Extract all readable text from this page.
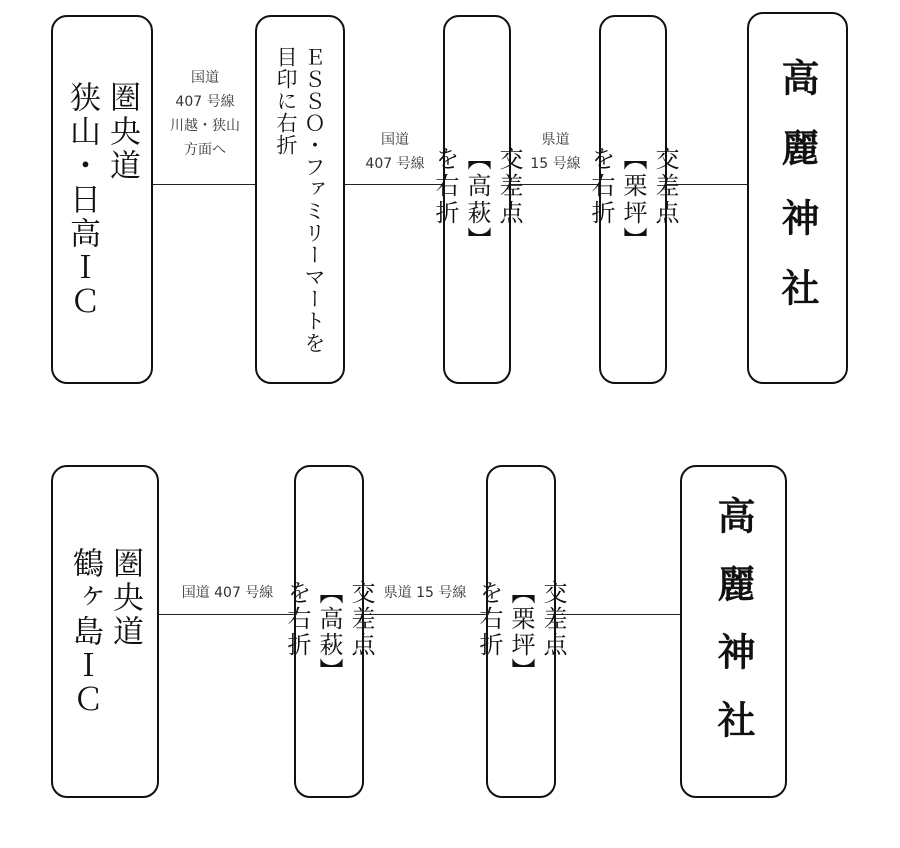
圏央道
狭山・日高ＩＣ
国道
407 号線
川越・狭山
方面へ	ＥＳＳＯ・ファミリーマートを
目印に右折	国道
407 号線	交差点
【高萩】
を右折
県道
15 号線	交差点
【栗坪】
を右折	高麗神社
圏央道
鶴ヶ島ＩＣ	国道 407 号線	交差点
【高萩】
を右折	県道 15 号線	交差点
【栗坪】
を右折	高麗神社
